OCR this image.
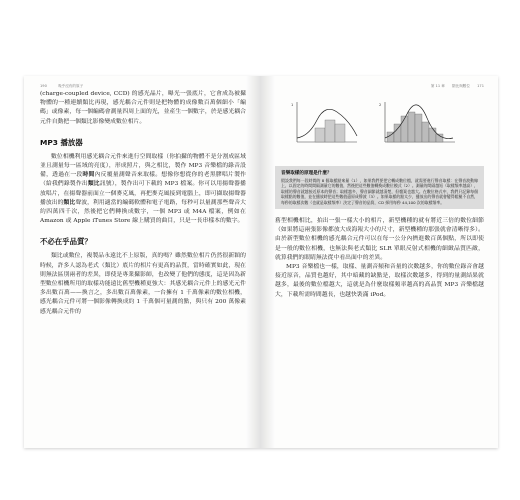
190	幾乎沒有的原子

(charge-coupled device, CCD) 的感光晶片，曝光一張底片，它會成為被攝物體的一種連續類比再現，感光耦合元件則是把物體的成像數百萬個細小「編碼」或像素，每一個編碼會測量四周上面的光，並產生一個數字，於是感光耦合元件自動把一個類比影像變成數位相片。

MP3 播放器

數位相機利用感光耦合元件來進行空間取樣（你拍攝的物體不是分割成區域並且測量每一區域的亮度），形成照片，與之相比，製作 MP3 音樂檔的錄音設備，透過在一段時間內反覆量測聲音來取樣。想像你想從你的老黑膠唱片製作（給我們錄製作出類比訊號），製作出可下載的 MP3 檔案。你可以用揚聲器播放唱片，在揚聲器前面立一個麥克風，再把麥克風接到電腦上，即可擷取揚聲器播放出的類比聲波，利用適當的編碼軟體和電子電路，每秒可以量測那些聲音大約四萬四千次，然後把它們轉換成數字，一個 MP3 或 M4A 檔案，例如在 Amazon 或 Apple iTunes Store 線上購買的曲目，只是一長串樣本的數字。

不必在乎品質？

類比或數位，複製品永遠比不上原版，真的嗎？雖然數位相片仍然很新穎的時候，許多人認為老式（類比）底片的相片有更高的品質，當時確實如此，現在則無法區別兩者的差異，即使是專業攝影師，也改變了他們的態度，這是因為新型數位相機所用的取樣功能遠比舊型機種更強大：其感光耦合元件上的感光元件多出數百萬——換言之，多出數百萬像素，一台擁有 1 千萬像素的數位相機，感光耦合元件可將一個影像轉換成約 1 千萬個可量測的點，與只有 200 萬像素感光耦合元件的

第 11 章 類比與數位 171
1	2
音樂取樣的原理是什麼？
假設我們每一段時間的 8 個取樣點來量（1），如果我們要把它轉成數位檔，就需要進行聲音取樣：在聲音波動線上，以固定的時間間隔測量它的數值，然後把這些數值轉換成數位模式（2）。測量的間隔越短（取樣頻率越高），取樣的聲音就越接近原本的聲音；取樣越多，聲音細節就越清楚，但檔案也越大。在數位格式中，我們只記錄每個取樣點的數值，並在播放時把這些數值還原成聲波（3）。如果取樣的點太少，播放出的聲音就會變得粗糙不自然，每秒的取樣次數（也就是取樣頻率）決定了聲音的品質，CD 採用每秒 44,100 次的取樣頻率。

舊型相機相比，拍出一張一樣大小的相片，新型機種的就有將近三倍的數位細節（如果將這兩張影像都放大成海報大小的尺寸，新型機種的那張就會清晰得多）。由於新型數位相機的感光耦合元件可以在每一公分內擠進數百萬個點，所以即使是一般的數位相機，也無法與老式類比 SLR 單眼反射式相機的細緻品質匹敵，就算我們的眼睛無法從中看出面中的差異。

MP3 音樂檔也一樣，取樣、量測音頻和音量的次數越多，你的數位錄音會越接近原音，品質也越好，其中暗藏的缺點是，取樣次數越多，得到的量測結果就越多，最後的數位檔越大，這就是為什麼取樣頻率越高的高品質 MP3 音樂檔越大，下載所需時間越長，也越快裝滿 iPod。
